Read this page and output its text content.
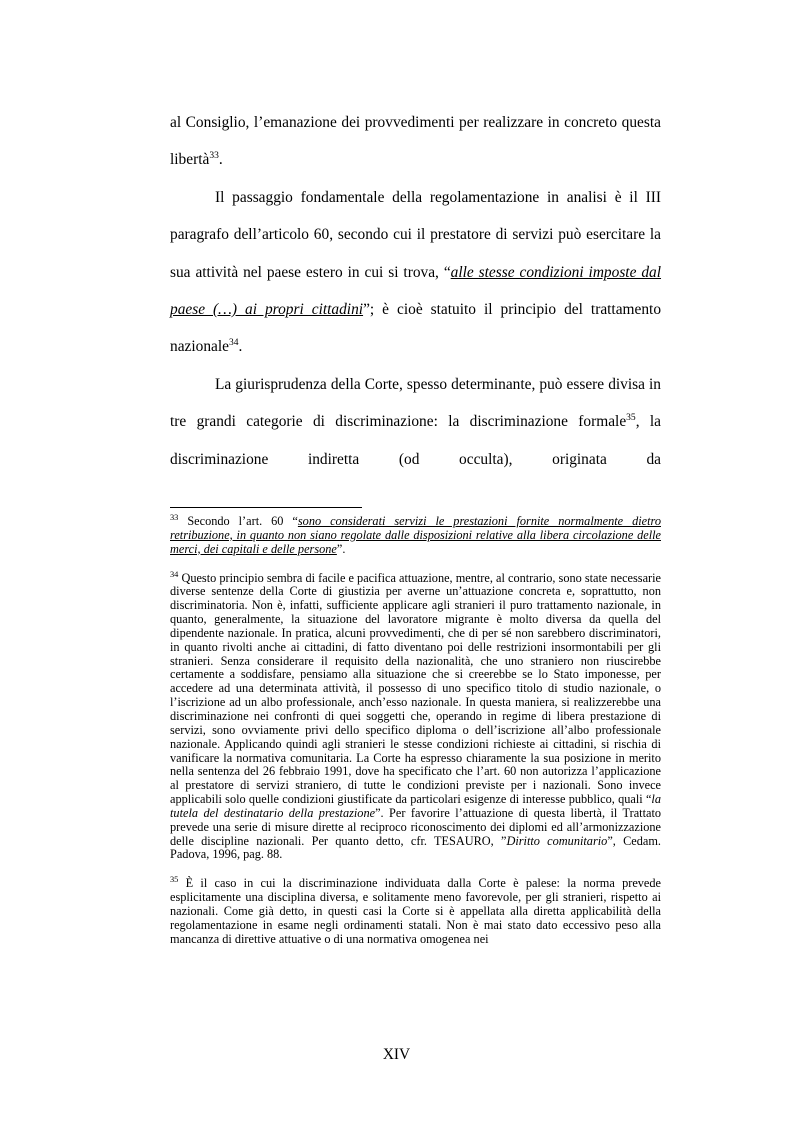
al Consiglio, l’emanazione dei provvedimenti per realizzare in concreto questa libertà$^{33}$.

Il passaggio fondamentale della regolamentazione in analisi è il III paragrafo dell’articolo 60, secondo cui il prestatore di servizi può esercitare la sua attività nel paese estero in cui si trova, “alle stesse condizioni imposte dal paese (…) ai propri cittadini”; è cioè statuito il principio del trattamento nazionale$^{34}$.

La giurisprudenza della Corte, spesso determinante, può essere divisa in tre grandi categorie di discriminazione: la discriminazione formale$^{35}$, la discriminazione indiretta (od occulta), originata da

$^{33}$ Secondo l’art. 60 “sono considerati servizi le prestazioni fornite normalmente dietro retribuzione, in quanto non siano regolate dalle disposizioni relative alla libera circolazione delle merci, dei capitali e delle persone”.

$^{34}$ Questo principio sembra di facile e pacifica attuazione, mentre, al contrario, sono state necessarie diverse sentenze della Corte di giustizia per averne un’attuazione concreta e, soprattutto, non discriminatoria. Non è, infatti, sufficiente applicare agli stranieri il puro trattamento nazionale, in quanto, generalmente, la situazione del lavoratore migrante è molto diversa da quella del dipendente nazionale. In pratica, alcuni provvedimenti, che di per sé non sarebbero discriminatori, in quanto rivolti anche ai cittadini, di fatto diventano poi delle restrizioni insormontabili per gli stranieri. Senza considerare il requisito della nazionalità, che uno straniero non riuscirebbe certamente a soddisfare, pensiamo alla situazione che si creerebbe se lo Stato imponesse, per accedere ad una determinata attività, il possesso di uno specifico titolo di studio nazionale, o l’iscrizione ad un albo professionale, anch’esso nazionale. In questa maniera, si realizzerebbe una discriminazione nei confronti di quei soggetti che, operando in regime di libera prestazione di servizi, sono ovviamente privi dello specifico diploma o dell’iscrizione all’albo professionale nazionale. Applicando quindi agli stranieri le stesse condizioni richieste ai cittadini, si rischia di vanificare la normativa comunitaria. La Corte ha espresso chiaramente la sua posizione in merito nella sentenza del 26 febbraio 1991, dove ha specificato che l’art. 60 non autorizza l’applicazione al prestatore di servizi straniero, di tutte le condizioni previste per i nazionali. Sono invece applicabili solo quelle condizioni giustificate da particolari esigenze di interesse pubblico, quali “la tutela del destinatario della prestazione”. Per favorire l’attuazione di questa libertà, il Trattato prevede una serie di misure dirette al reciproco riconoscimento dei diplomi ed all’armonizzazione delle discipline nazionali. Per quanto detto, cfr. TESAURO, ”Diritto comunitario”, Cedam. Padova, 1996, pag. 88.

$^{35}$ È il caso in cui la discriminazione individuata dalla Corte è palese: la norma prevede esplicitamente una disciplina diversa, e solitamente meno favorevole, per gli stranieri, rispetto ai nazionali. Come già detto, in questi casi la Corte si è appellata alla diretta applicabilità della regolamentazione in esame negli ordinamenti statali. Non è mai stato dato eccessivo peso alla mancanza di direttive attuative o di una normativa omogenea nei

XIV
